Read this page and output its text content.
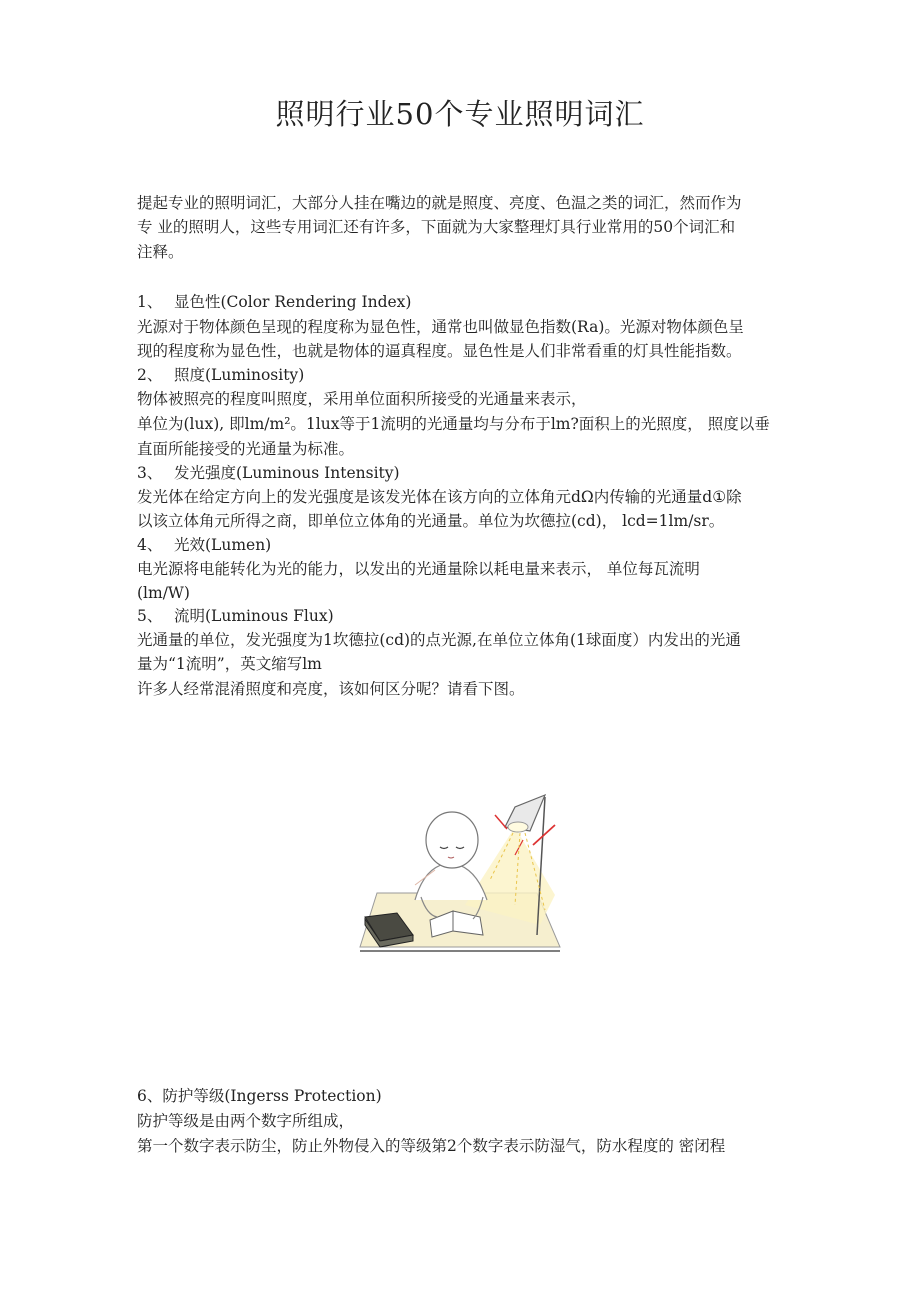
照明行业50个专业照明词汇
提起专业的照明词汇，大部分人挂在嘴边的就是照度、亮度、色温之类的词汇，然而作为
专 业的照明人，这些专用词汇还有许多，下面就为大家整理灯具行业常用的50个词汇和
注释。
1、 显色性(Color Rendering Index)
光源对于物体颜色呈现的程度称为显色性，通常也叫做显色指数(Ra)。光源对物体颜色呈
现的程度称为显色性，也就是物体的逼真程度。显色性是人们非常看重的灯具性能指数。
2、 照度(Luminosity)
物体被照亮的程度叫照度，采用单位面积所接受的光通量来表示，
单位为(lux), 即lm/m²。1lux等于1流明的光通量均与分布于lm?面积上的光照度， 照度以垂
直面所能接受的光通量为标准。
3、 发光强度(Luminous Intensity)
发光体在给定方向上的发光强度是该发光体在该方向的立体角元dΩ内传输的光通量d①除
以该立体角元所得之商，即单位立体角的光通量。单位为坎德拉(cd)， lcd=1lm/sr。
4、 光效(Lumen)
电光源将电能转化为光的能力，以发出的光通量除以耗电量来表示， 单位每瓦流明
(lm/W)
5、 流明(Luminous Flux)
光通量的单位，发光强度为1坎德拉(cd)的点光源,在单位立体角(1球面度）内发出的光通
量为“1流明”，英文缩写lm
许多人经常混淆照度和亮度，该如何区分呢？请看下图。
6、防护等级(Ingerss Protection)
防护等级是由两个数字所组成，
第一个数字表示防尘，防止外物侵入的等级第2个数字表示防湿气，防水程度的 密闭程
